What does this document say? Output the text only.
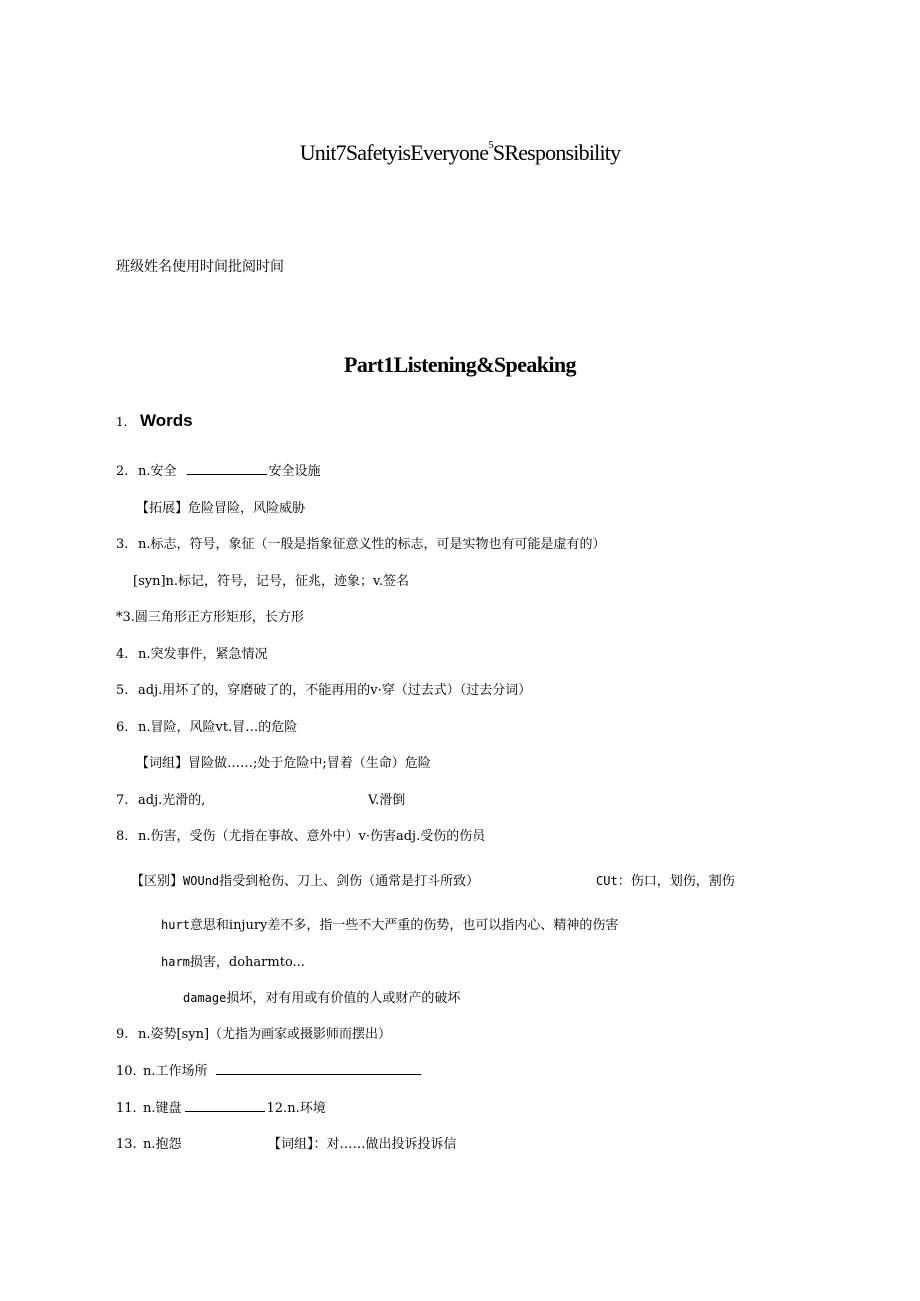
Unit7SafetyisEveryone$^5$SResponsibility
班级姓名使用时间批阅时间
Part1Listening&Speaking
1. Words
2. n.安全	安全设施
【拓展】危险冒险，风险威胁
3. n.标志，符号，象征（一般是指象征意义性的标志，可是实物也有可能是虚有的）
[syn]n.标记，符号，记号，征兆，迹象；v.签名
*3.圆三角形正方形矩形，长方形
4. n.突发事件，紧急情况
5. adj.用坏了的，穿磨破了的，不能再用的v·穿（过去式）（过去分词）
6. n.冒险，风险vt.冒…的危险
【词组】冒险做……;处于危险中;冒着（生命）危险
7. adj.光滑的,	V.滑倒
8. n.伤害，受伤（尤指在事故、意外中）v·伤害adj.受伤的伤员
【区别】WOUnd指受到枪伤、刀上、剑伤（通常是打斗所致）	CUt：伤口，划伤，割伤
hurt意思和injury差不多，指一些不大严重的伤势，也可以指内心、精神的伤害
harm损害，doharmto...
damage损坏，对有用或有价值的人或财产的破坏
9. n.姿势[syn]（尤指为画家或摄影师而摆出）
10. n.工作场所
11. n.键盘	12.n.环境
13. n.抱怨	【词组】：对……做出投诉投诉信
